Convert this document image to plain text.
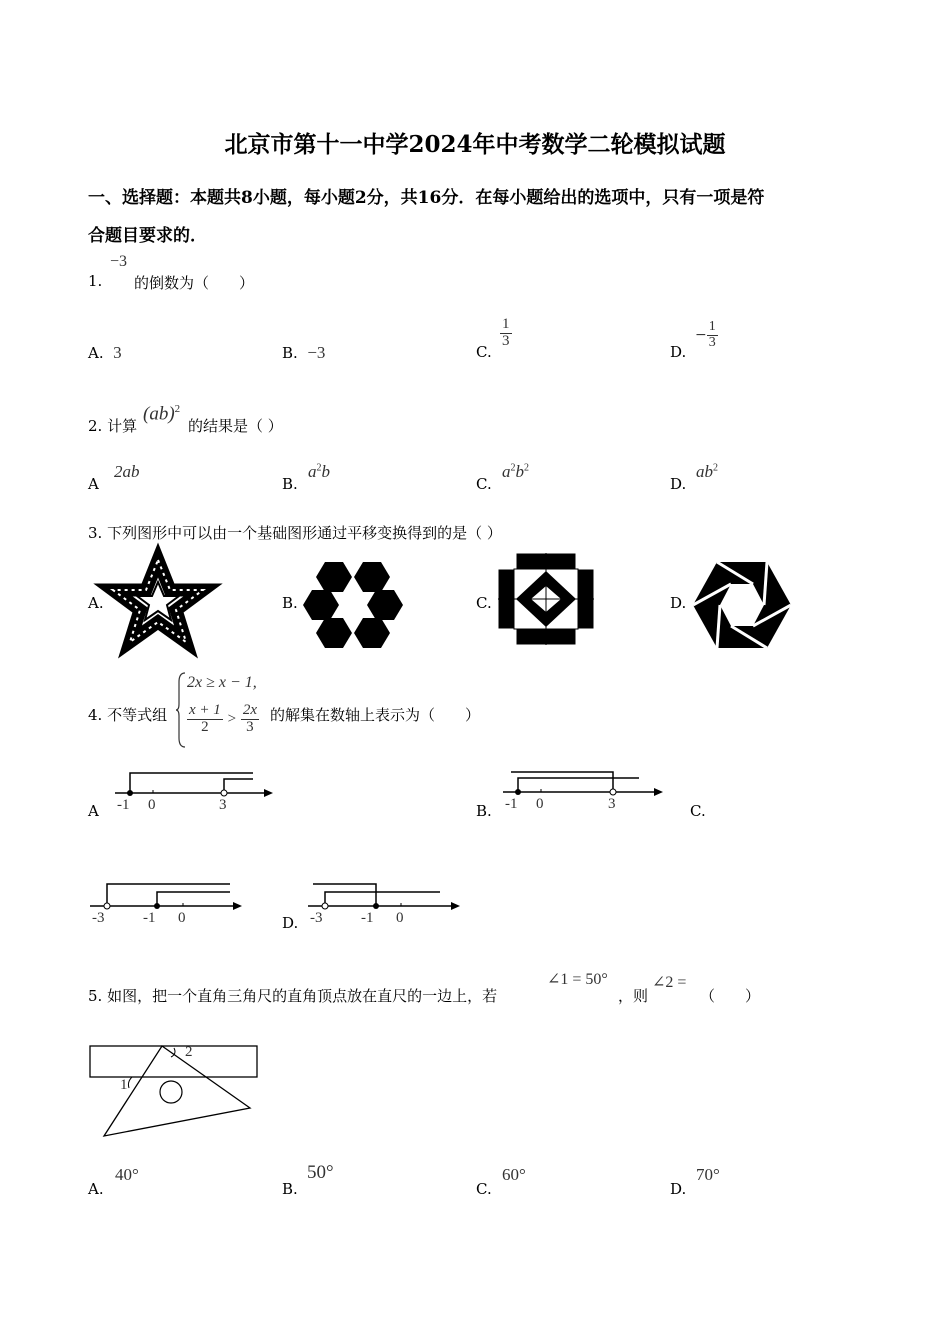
北京市第十一中学2024年中考数学二轮模拟试题
一、选择题：本题共8小题，每小题2分，共16分．在每小题给出的选项中，只有一项是符
合题目要求的．
1.
−3
的倒数为（　　）
A. 3	B. −3	C.
$\frac{1}{3}$
D.
− $\frac{1}{3}$
2. 计算
(ab)$^2$
的结果是（ ）
A
2ab
B.
$a^2b$
C.
$a^2b^2$
D.
$ab^2$
3. 下列图形中可以由一个基础图形通过平移变换得到的是（ ）
A.	B.	C.	D.
4. 不等式组
2x ≥ x − 1,
$\frac{x + 1}{2} > \frac{2x}{3}$ 的解集在数轴上表示为（　　）
A -1 0	3	B. -1 0	3	C.
-3	-1 0	D. -3	-1 0
5. 如图，把一个直角三角尺的直角顶点放在直尺的一边上，若
∠1 = 50°
，则
∠2 =
（　　）
2
1
A.
40°
B.
50°
C.
60°
D.
70°
